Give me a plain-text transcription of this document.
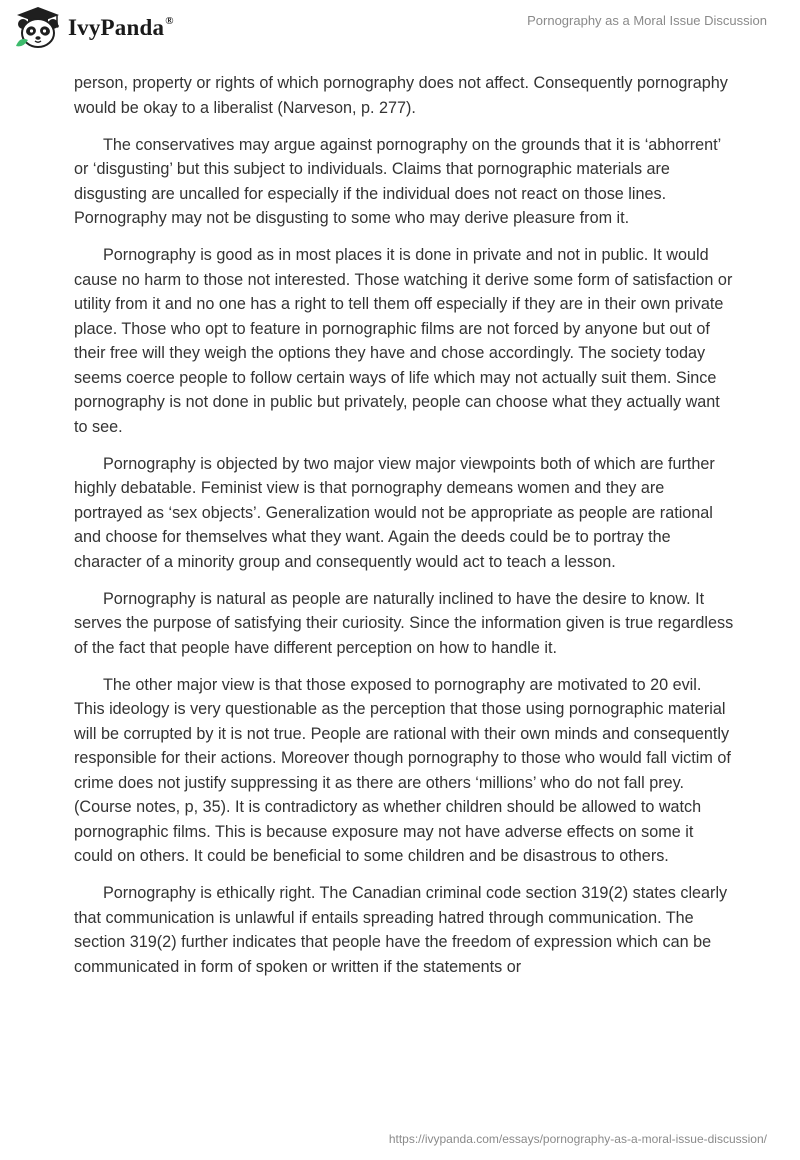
IvyPanda®	Pornography as a Moral Issue Discussion

person, property or rights of which pornography does not affect. Consequently pornography would be okay to a liberalist (Narveson, p. 277).

The conservatives may argue against pornography on the grounds that it is ‘abhorrent’ or ‘disgusting’ but this subject to individuals. Claims that pornographic materials are disgusting are uncalled for especially if the individual does not react on those lines. Pornography may not be disgusting to some who may derive pleasure from it.

Pornography is good as in most places it is done in private and not in public. It would cause no harm to those not interested. Those watching it derive some form of satisfaction or utility from it and no one has a right to tell them off especially if they are in their own private place. Those who opt to feature in pornographic films are not forced by anyone but out of their free will they weigh the options they have and chose accordingly. The society today seems coerce people to follow certain ways of life which may not actually suit them. Since pornography is not done in public but privately, people can choose what they actually want to see.

Pornography is objected by two major view major viewpoints both of which are further highly debatable. Feminist view is that pornography demeans women and they are portrayed as ‘sex objects’. Generalization would not be appropriate as people are rational and choose for themselves what they want. Again the deeds could be to portray the character of a minority group and consequently would act to teach a lesson.

Pornography is natural as people are naturally inclined to have the desire to know. It serves the purpose of satisfying their curiosity. Since the information given is true regardless of the fact that people have different perception on how to handle it.

The other major view is that those exposed to pornography are motivated to 20 evil. This ideology is very questionable as the perception that those using pornographic material will be corrupted by it is not true. People are rational with their own minds and consequently responsible for their actions. Moreover though pornography to those who would fall victim of crime does not justify suppressing it as there are others ‘millions’ who do not fall prey. (Course notes, p, 35). It is contradictory as whether children should be allowed to watch pornographic films. This is because exposure may not have adverse effects on some it could on others. It could be beneficial to some children and be disastrous to others.

Pornography is ethically right. The Canadian criminal code section 319(2) states clearly that communication is unlawful if entails spreading hatred through communication. The section 319(2) further indicates that people have the freedom of expression which can be communicated in form of spoken or written if the statements or

https://ivypanda.com/essays/pornography-as-a-moral-issue-discussion/
